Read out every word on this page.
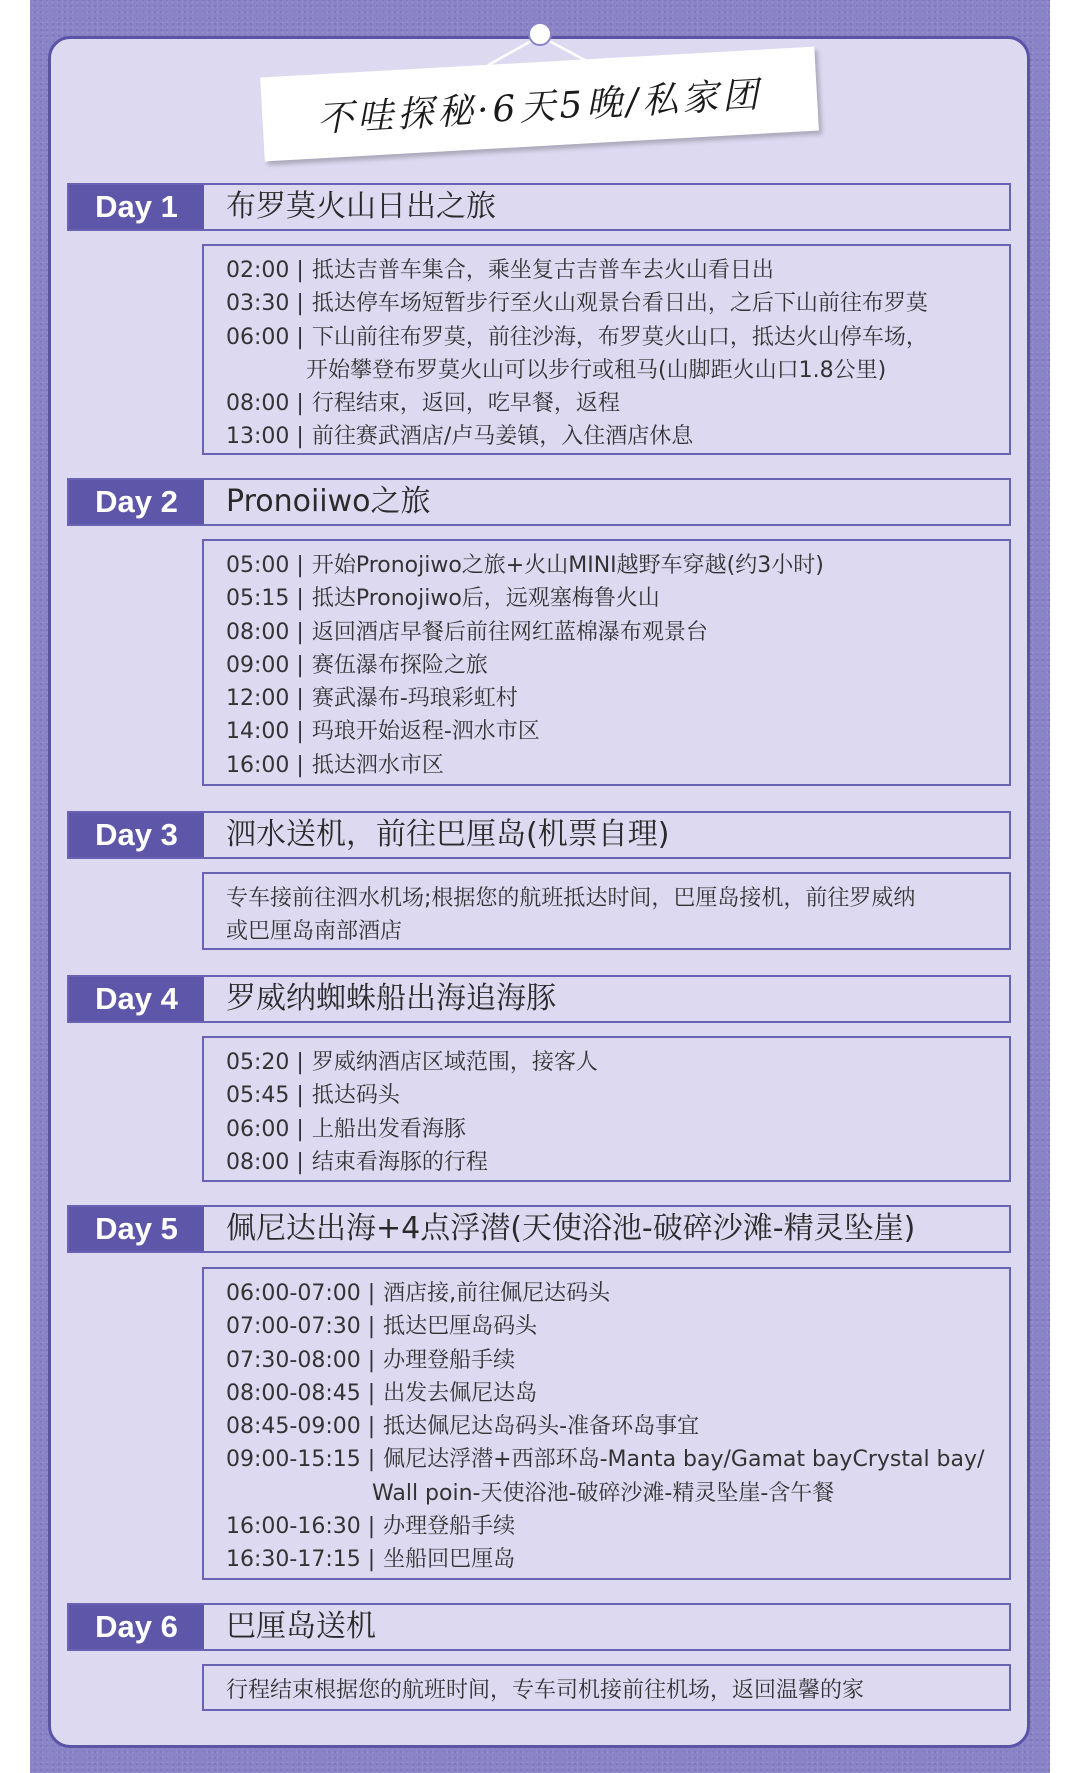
不哇探秘·6天5晚/私家团
Day 1	布罗莫火山日出之旅
02:00 | 抵达吉普车集合，乘坐复古吉普车去火山看日出
03:30 | 抵达停车场短暂步行至火山观景台看日出，之后下山前往布罗莫
06:00 | 下山前往布罗莫，前往沙海，布罗莫火山口，抵达火山停车场，
开始攀登布罗莫火山可以步行或租马(山脚距火山口1.8公里)
08:00 | 行程结束，返回，吃早餐，返程
13:00 | 前往赛武酒店/卢马姜镇，入住酒店休息
Day 2	Pronoiiwo之旅
05:00 | 开始Pronojiwo之旅+火山MINI越野车穿越(约3小时)
05:15 | 抵达Pronojiwo后，远观塞梅鲁火山
08:00 | 返回酒店早餐后前往网红蓝棉瀑布观景台
09:00 | 赛伍瀑布探险之旅
12:00 | 赛武瀑布-玛琅彩虹村
14:00 | 玛琅开始返程-泗水市区
16:00 | 抵达泗水市区
Day 3	泗水送机，前往巴厘岛(机票自理)
专车接前往泗水机场;根据您的航班抵达时间，巴厘岛接机，前往罗威纳
或巴厘岛南部酒店
Day 4	罗威纳蜘蛛船出海追海豚
05:20 | 罗威纳酒店区域范围，接客人
05:45 | 抵达码头
06:00 | 上船出发看海豚
08:00 | 结束看海豚的行程
Day 5	佩尼达出海+4点浮潜(天使浴池-破碎沙滩-精灵坠崖)
06:00-07:00 | 酒店接,前往佩尼达码头
07:00-07:30 | 抵达巴厘岛码头
07:30-08:00 | 办理登船手续
08:00-08:45 | 出发去佩尼达岛
08:45-09:00 | 抵达佩尼达岛码头-准备环岛事宜
09:00-15:15 | 佩尼达浮潜+西部环岛-Manta bay/Gamat bayCrystal bay/
Wall poin-天使浴池-破碎沙滩-精灵坠崖-含午餐
16:00-16:30 | 办理登船手续
16:30-17:15 | 坐船回巴厘岛
Day 6	巴厘岛送机
行程结束根据您的航班时间，专车司机接前往机场，返回温馨的家
